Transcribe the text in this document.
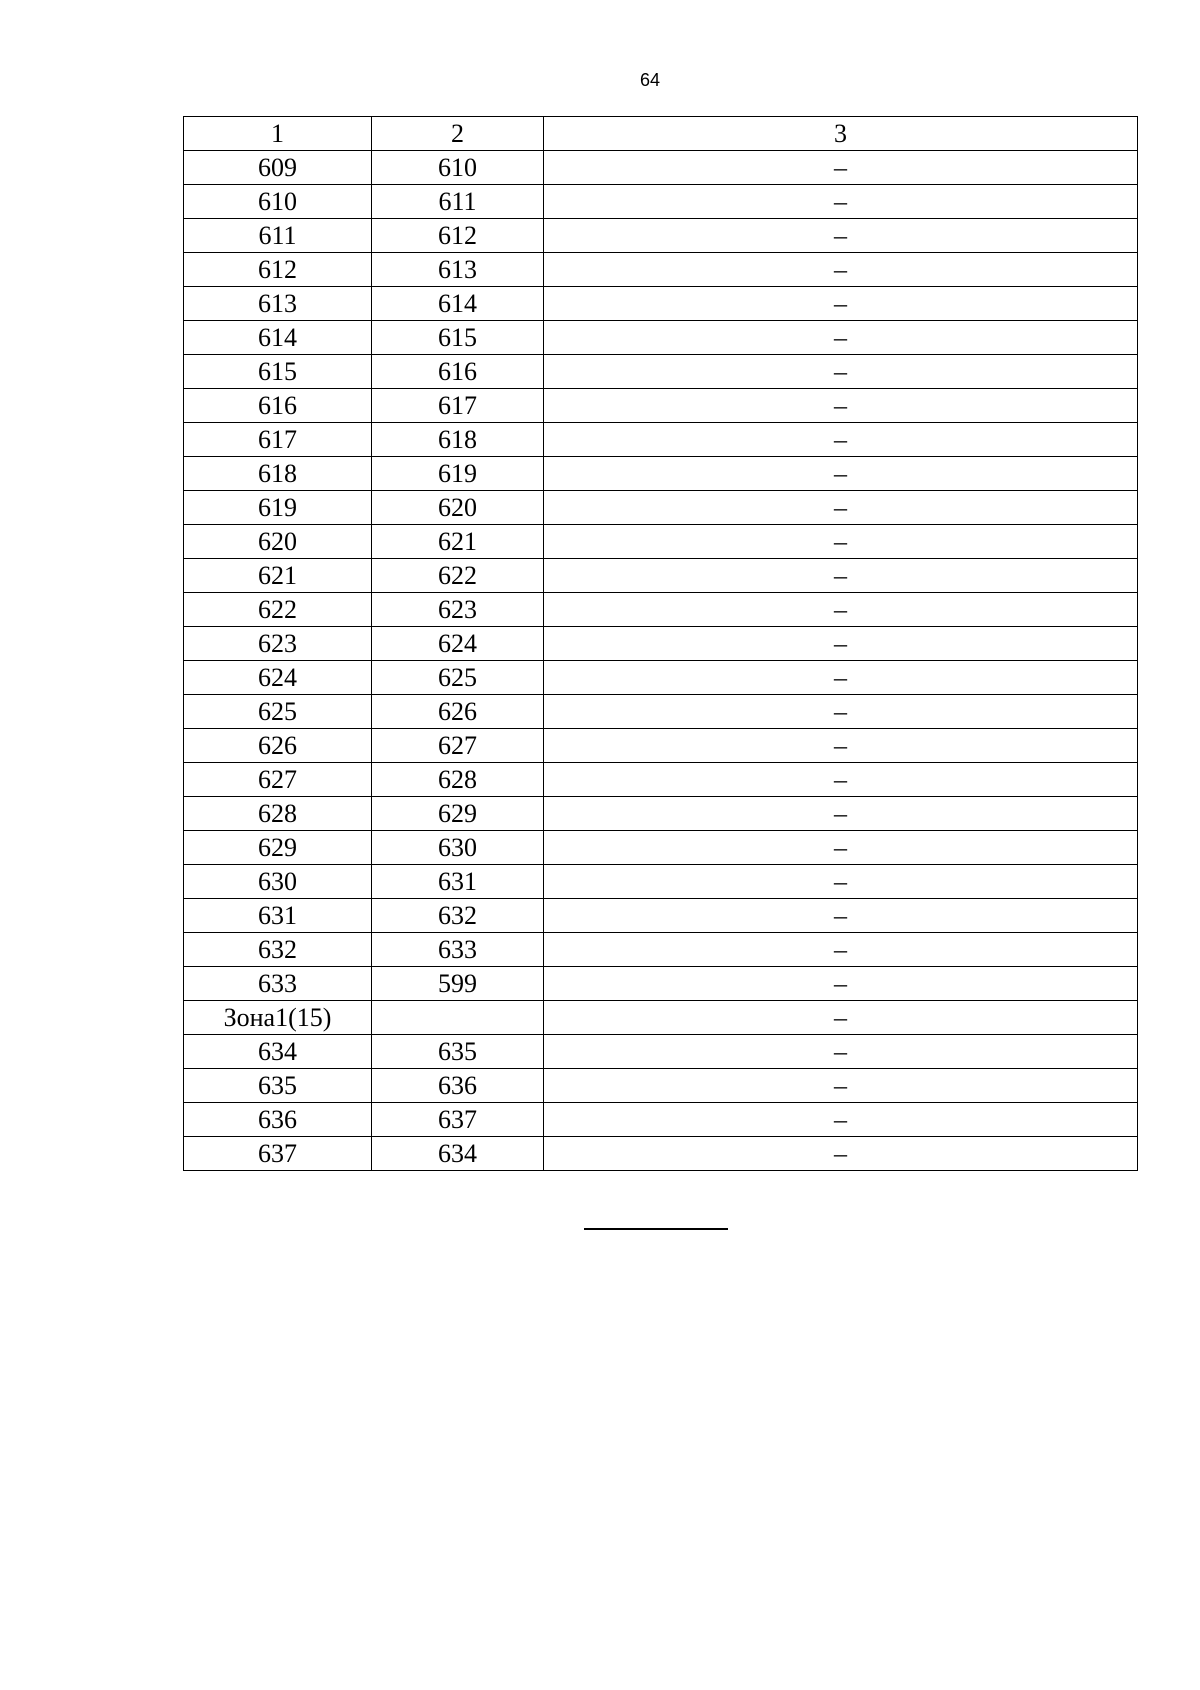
64
1	2	3
609	610	–
610	611	–
611	612	–
612	613	–
613	614	–
614	615	–
615	616	–
616	617	–
617	618	–
618	619	–
619	620	–
620	621	–
621	622	–
622	623	–
623	624	–
624	625	–
625	626	–
626	627	–
627	628	–
628	629	–
629	630	–
630	631	–
631	632	–
632	633	–
633	599	–
Зона1(15)		–
634	635	–
635	636	–
636	637	–
637	634	–
